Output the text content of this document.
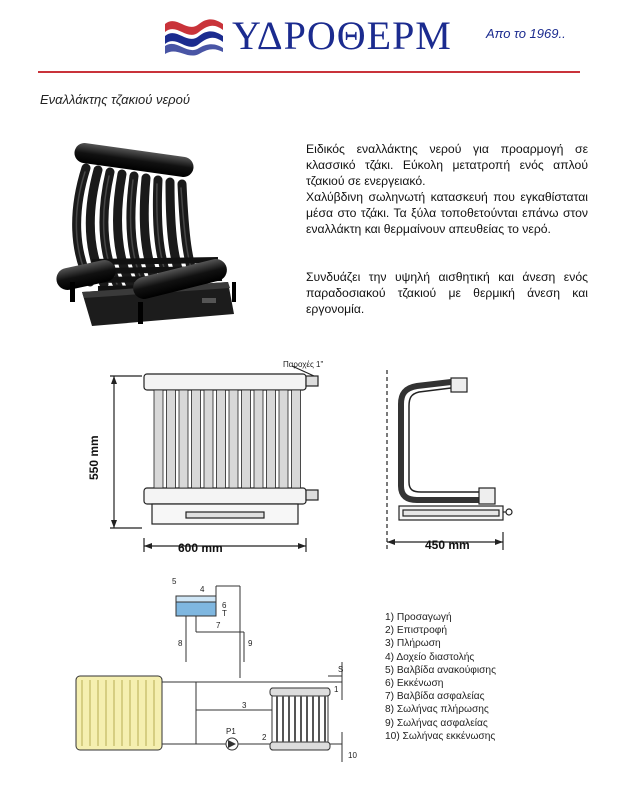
ΥΔΡΟΘΕΡΜ	Απο το 1969..
Εναλλάκτης τζακιού νερού
Ειδικός εναλλάκτης νερού για προαρμογή σε κλασσικό τζάκι. Εύκολη μετατροπή ενός απλού τζακιού σε ενεργειακό.
Χαλύβδινη σωληνωτή κατασκευή που εγκαθίσταται μέσα στο τζάκι. Τα ξύλα τοποθετούνται επάνω στον εναλλάκτη και θερμαίνουν απευθείας το νερό.
Συνδυάζει την υψηλή αισθητική και άνεση ενός παραδοσιακού τζακιού με θερμική άνεση και εργονομία.
Παροχές 1"
550 mm
600 mm	450 mm
1
2
3
4
5
6
7
8	9
10
S
T
P1
1) Προσαγωγή
2) Επιστροφή
3) Πλήρωση
4) Δοχείο διαστολής
5) Βαλβίδα ανακούφισης
6) Εκκένωση
7) Βαλβίδα ασφαλείας
8) Σωλήνας πλήρωσης
9) Σωλήνας ασφαλείας
10) Σωλήνας εκκένωσης
